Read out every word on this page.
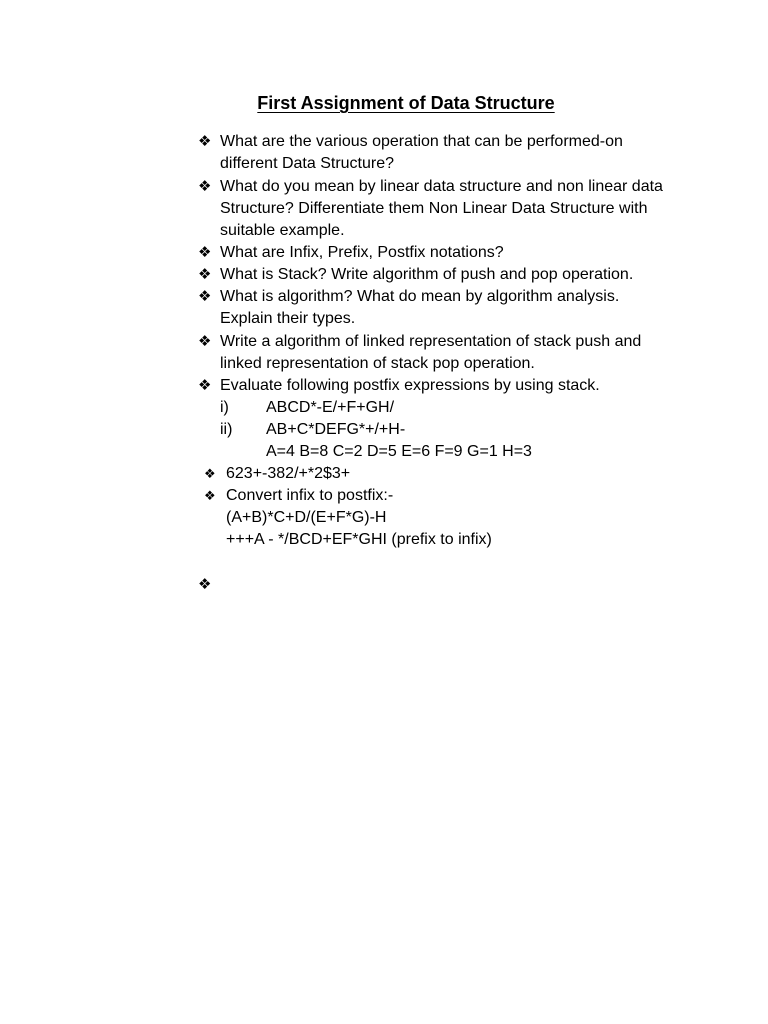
First Assignment of Data Structure
❖ What are the various operation that can be performed-on
different Data Structure?
❖ What do you mean by linear data structure and non linear data
Structure? Differentiate them Non Linear Data Structure with
suitable example.
❖ What are Infix, Prefix, Postfix notations?
❖ What is Stack? Write algorithm of push and pop operation.
❖ What is algorithm? What do mean by algorithm analysis.
Explain their types.
❖ Write a algorithm of linked representation of stack push and
linked representation of stack pop operation.
❖ Evaluate following postfix expressions by using stack.
i) ABCD*-E/+F+GH/
ii) AB+C*DEFG*+/+H-
A=4 B=8 C=2 D=5 E=6 F=9 G=1 H=3
❖ 623+-382/+*2$3+
❖ Convert infix to postfix:-
(A+B)*C+D/(E+F*G)-H
+++A - */BCD+EF*GHI (prefix to infix)
❖
